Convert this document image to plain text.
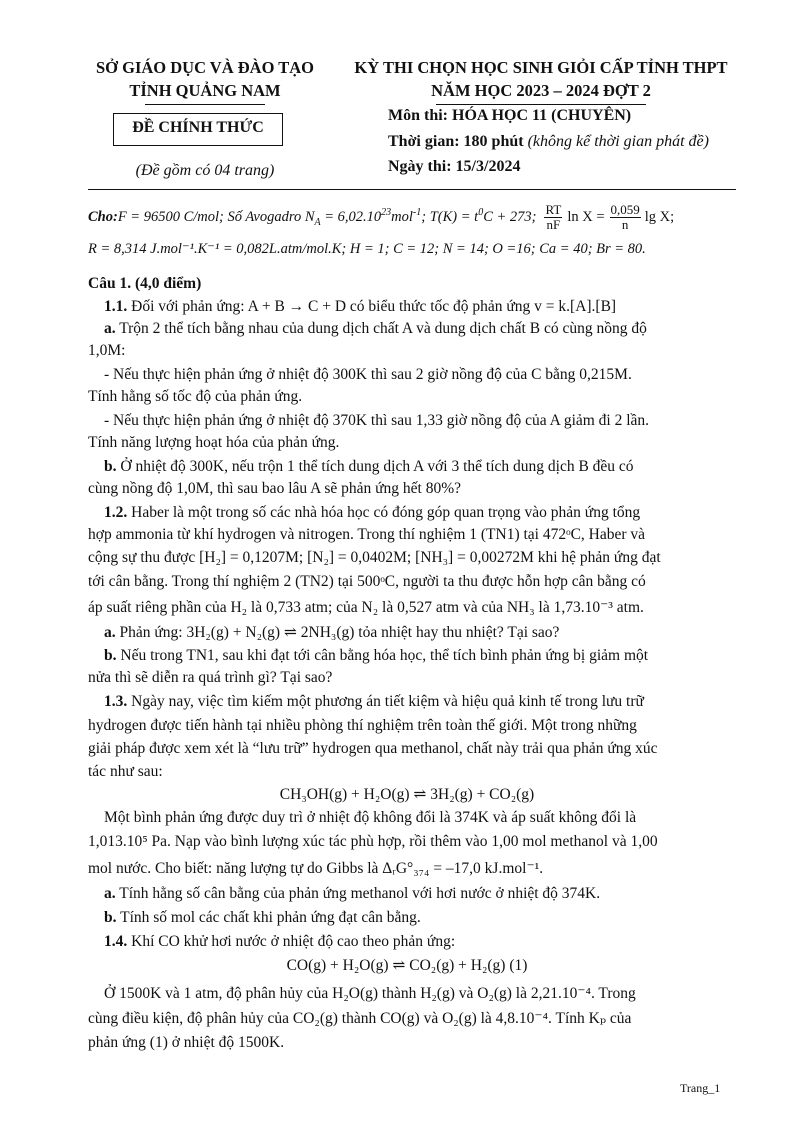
SỞ GIÁO DỤC VÀ ĐÀO TẠO
TỈNH QUẢNG NAM
KỲ THI CHỌN HỌC SINH GIỎI CẤP TỈNH THPT
NĂM HỌC 2023 – 2024 ĐỢT 2
ĐỀ CHÍNH THỨC
(Đề gồm có 04 trang)
Môn thi: HÓA HỌC 11 (CHUYÊN)
Thời gian: 180 phút (không kể thời gian phát đề)
Ngày thi: 15/3/2024
Cho: F = 96500 C/mol; Số Avogadro $N_A = 6,02.10^{23}mol^{-1}$; $T(K) = t^0C + 273$; $\frac{RT}{nF}$ $\ln X = \frac{0,059}{n}$ lg X;
R = 8,314 J.mol⁻¹.K⁻¹ = 0,082L.atm/mol.K; H = 1; C = 12; N = 14; O =16; Ca = 40; Br = 80.
Câu 1. (4,0 điểm)
1.1. Đối với phản ứng: A + B → C + D có biểu thức tốc độ phản ứng v = k.[A].[B]
a. Trộn 2 thể tích bằng nhau của dung dịch chất A và dung dịch chất B có cùng nồng độ
1,0M:
- Nếu thực hiện phản ứng ở nhiệt độ 300K thì sau 2 giờ nồng độ của C bằng 0,215M.
Tính hằng số tốc độ của phản ứng.
- Nếu thực hiện phản ứng ở nhiệt độ 370K thì sau 1,33 giờ nồng độ của A giảm đi 2 lần.
Tính năng lượng hoạt hóa của phản ứng.
b. Ở nhiệt độ 300K, nếu trộn 1 thể tích dung dịch A với 3 thể tích dung dịch B đều có
cùng nồng độ 1,0M, thì sau bao lâu A sẽ phản ứng hết 80%?
1.2. Haber là một trong số các nhà hóa học có đóng góp quan trọng vào phản ứng tổng
hợp ammonia từ khí hydrogen và nitrogen. Trong thí nghiệm 1 (TN1) tại 472ᵒC, Haber và
cộng sự thu được [H₂] = 0,1207M; [N₂] = 0,0402M; [NH₃] = 0,00272M khi hệ phản ứng đạt
tới cân bằng. Trong thí nghiệm 2 (TN2) tại 500ᵒC, người ta thu được hỗn hợp cân bằng có
áp suất riêng phần của H₂ là 0,733 atm; của N₂ là 0,527 atm và của NH₃ là 1,73.10⁻³ atm.
a. Phản ứng: 3H₂(g) + N₂(g) ⇌ 2NH₃(g) tỏa nhiệt hay thu nhiệt? Tại sao?
b. Nếu trong TN1, sau khi đạt tới cân bằng hóa học, thể tích bình phản ứng bị giảm một
nửa thì sẽ diễn ra quá trình gì? Tại sao?
1.3. Ngày nay, việc tìm kiếm một phương án tiết kiệm và hiệu quả kinh tế trong lưu trữ
hydrogen được tiến hành tại nhiều phòng thí nghiệm trên toàn thế giới. Một trong những
giải pháp được xem xét là “lưu trữ” hydrogen qua methanol, chất này trải qua phản ứng xúc
tác như sau:
CH₃OH(g) + H₂O(g) ⇌ 3H₂(g) + CO₂(g)
Một bình phản ứng được duy trì ở nhiệt độ không đổi là 374K và áp suất không đổi là
1,013.10⁵ Pa. Nạp vào bình lượng xúc tác phù hợp, rồi thêm vào 1,00 mol methanol và 1,00
mol nước. Cho biết: năng lượng tự do Gibbs là ΔᵣG°₃₇₄ = –17,0 kJ.mol⁻¹.
a. Tính hằng số cân bằng của phản ứng methanol với hơi nước ở nhiệt độ 374K.
b. Tính số mol các chất khi phản ứng đạt cân bằng.
1.4. Khí CO khử hơi nước ở nhiệt độ cao theo phản ứng:
CO(g) + H₂O(g) ⇌ CO₂(g) + H₂(g) (1)
Ở 1500K và 1 atm, độ phân hủy của H₂O(g) thành H₂(g) và O₂(g) là 2,21.10⁻⁴. Trong
cùng điều kiện, độ phân hủy của CO₂(g) thành CO(g) và O₂(g) là 4,8.10⁻⁴. Tính Kₚ của
phản ứng (1) ở nhiệt độ 1500K.
Trang_1
